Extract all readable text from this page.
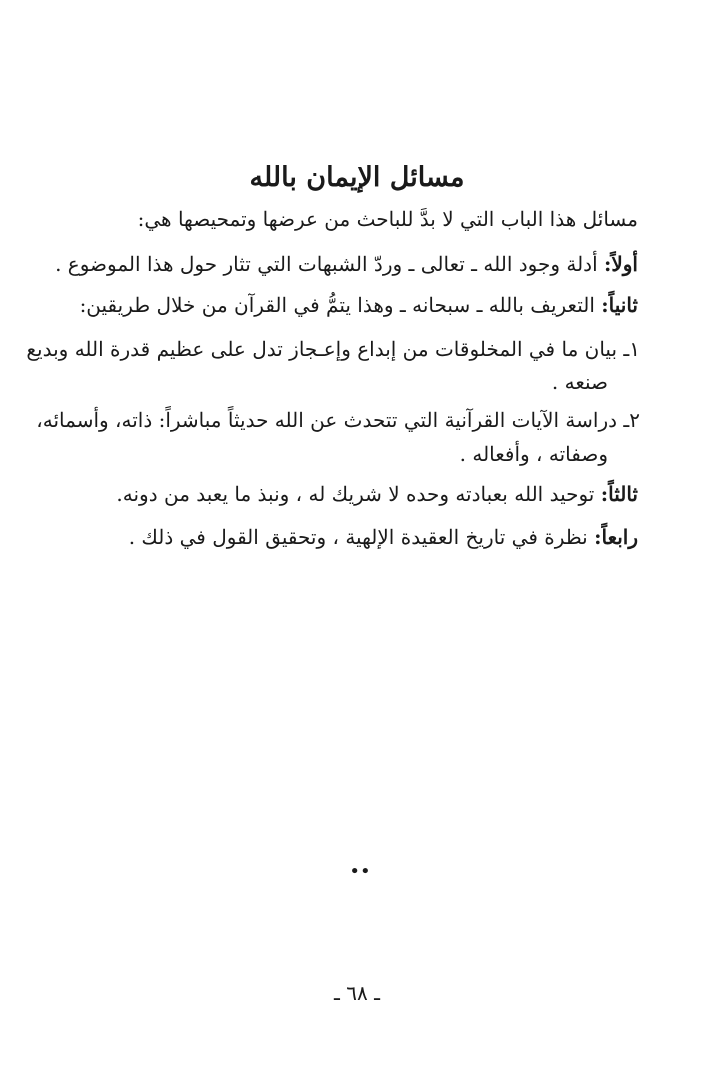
مسائل الإيمان بالله
مسائل هذا الباب التي لا بدَّ للباحث من عرضها وتمحيصها هي:
أولاً: أدلة وجود الله ـ تعالى ـ وردّ الشبهات التي تثار حول هذا الموضوع .
ثانياً: التعريف بالله ـ سبحانه ـ وهذا يتمُّ في القرآن من خلال طريقين:
١ـ بيان ما في المخلوقات من إبداع وإعـجاز تدل على عظيم قدرة الله وبديع
صنعه .
٢ـ دراسة الآيات القرآنية التي تتحدث عن الله حديثاً مباشراً: ذاته، وأسمائه،
وصفاته ، وأفعاله .
ثالثاً: توحيد الله بعبادته وحده لا شريك له ، ونبذ ما يعبد من دونه.
رابعاً: نظرة في تاريخ العقيدة الإلهية ، وتحقيق القول في ذلك .
••
ـ ٦٨ ـ
